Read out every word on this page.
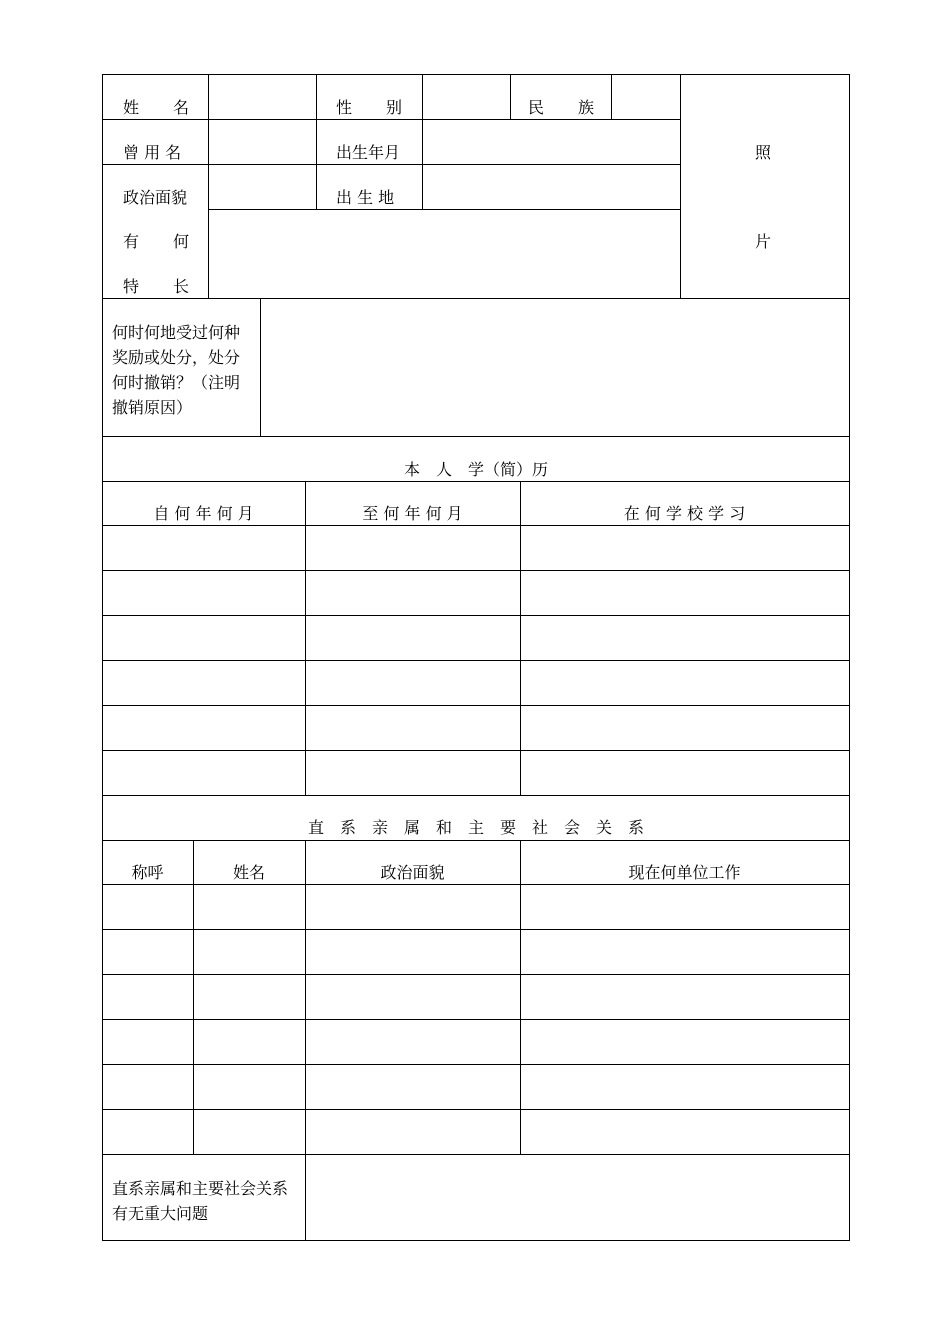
姓 名	性 别	民 族
曾 用 名	出生年月
政治面貌	出 生 地
有 何
特 长
照
片
何时何地受过何种奖励或处分，处分何时撤销？（注明撤销原因）
本　人　学（简）历
自 何 年 何 月	至 何 年 何 月	在 何 学 校 学 习
直　系　亲　属　和　主　要　社　会　关　系
称呼	姓名	政治面貌	现在何单位工作
直系亲属和主要社会关系有无重大问题
